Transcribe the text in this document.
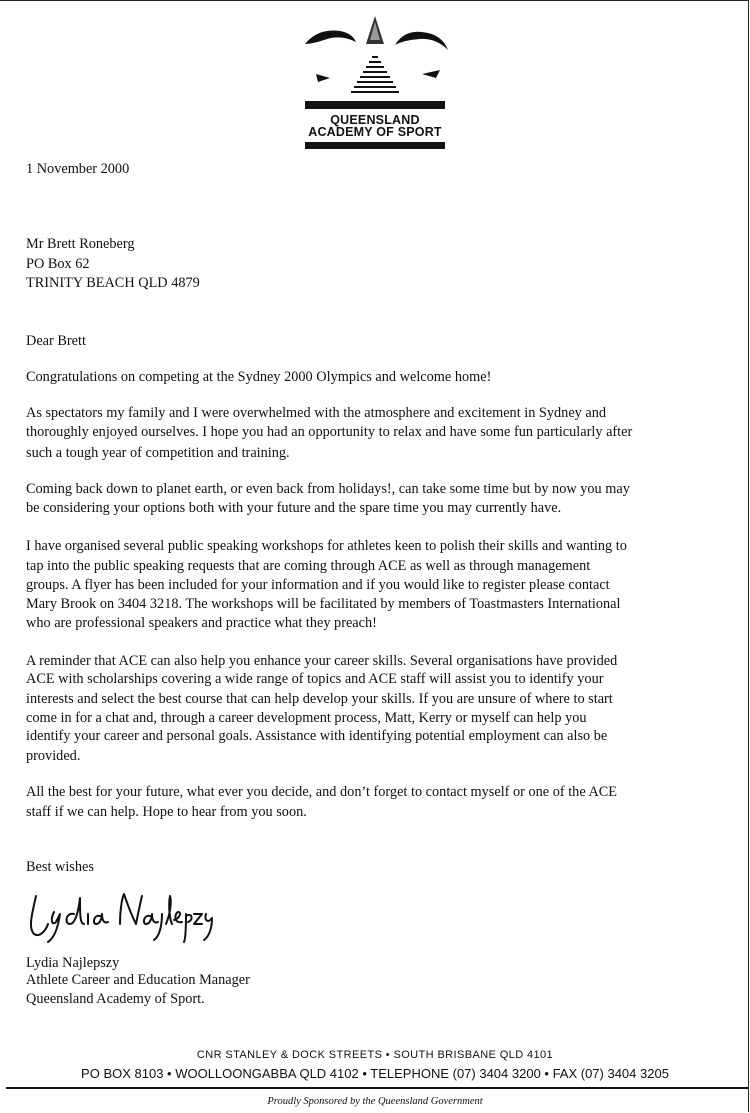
QUEENSLAND
ACADEMY OF SPORT
1 November 2000
Mr Brett Roneberg
PO Box 62
TRINITY BEACH QLD 4879
Dear Brett
Congratulations on competing at the Sydney 2000 Olympics and welcome home!
As spectators my family and I were overwhelmed with the atmosphere and excitement in Sydney and
thoroughly enjoyed ourselves. I hope you had an opportunity to relax and have some fun particularly after
such a tough year of competition and training.
Coming back down to planet earth, or even back from holidays!, can take some time but by now you may
be considering your options both with your future and the spare time you may currently have.
I have organised several public speaking workshops for athletes keen to polish their skills and wanting to
tap into the public speaking requests that are coming through ACE as well as through management
groups. A flyer has been included for your information and if you would like to register please contact
Mary Brook on 3404 3218. The workshops will be facilitated by members of Toastmasters International
who are professional speakers and practice what they preach!
A reminder that ACE can also help you enhance your career skills. Several organisations have provided
ACE with scholarships covering a wide range of topics and ACE staff will assist you to identify your
interests and select the best course that can help develop your skills. If you are unsure of where to start
come in for a chat and, through a career development process, Matt, Kerry or myself can help you
identify your career and personal goals. Assistance with identifying potential employment can also be
provided.
All the best for your future, what ever you decide, and don’t forget to contact myself or one of the ACE
staff if we can help. Hope to hear from you soon.
Best wishes
Lydia Najlepszy
Athlete Career and Education Manager
Queensland Academy of Sport.
CNR STANLEY & DOCK STREETS • SOUTH BRISBANE QLD 4101
PO BOX 8103 • WOOLLOONGABBA QLD 4102 • TELEPHONE (07) 3404 3200 • FAX (07) 3404 3205
Proudly Sponsored by the Queensland Government
